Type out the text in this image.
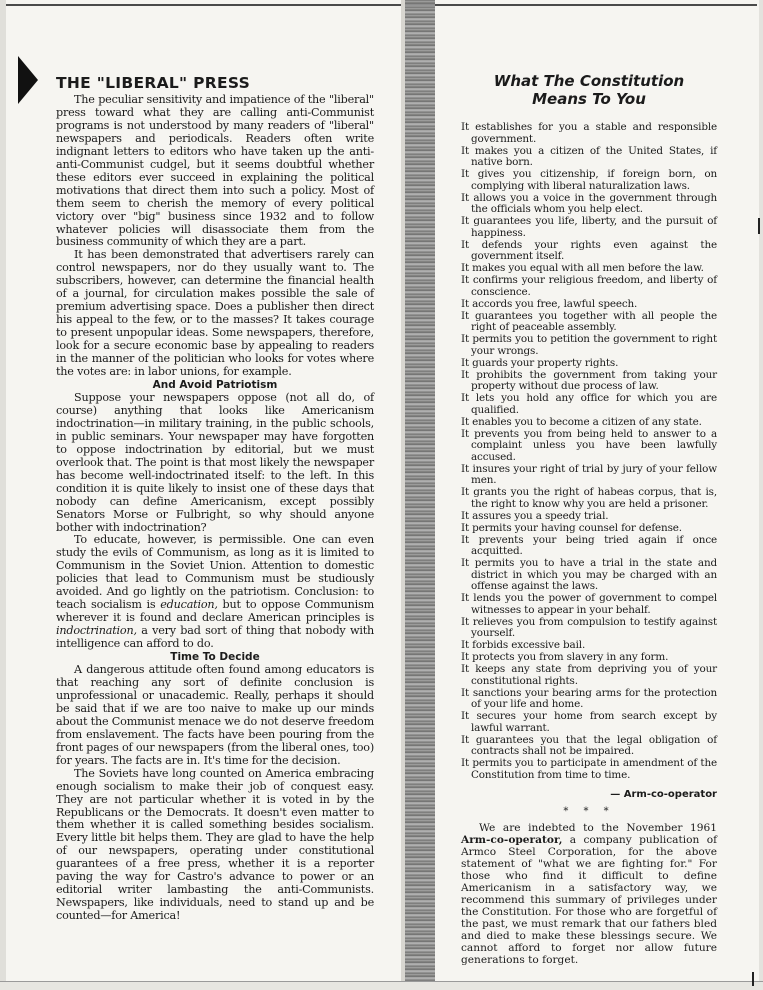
THE "LIBERAL" PRESS

The peculiar sensitivity and impatience of the "liberal" press toward what they are calling anti-Communist programs is not understood by many readers of "liberal" newspapers and periodicals. Readers often write indignant letters to editors who have taken up the anti-anti-Communist cudgel, but it seems doubtful whether these editors ever succeed in explaining the political motivations that direct them into such a policy. Most of them seem to cherish the memory of every political victory over "big" business since 1932 and to follow whatever policies will disassociate them from the business community of which they are a part.

It has been demonstrated that advertisers rarely can control newspapers, nor do they usually want to. The subscribers, however, can determine the financial health of a journal, for circulation makes possible the sale of premium advertising space. Does a publisher then direct his appeal to the few, or to the masses? It takes courage to present unpopular ideas. Some newspapers, therefore, look for a secure economic base by appealing to readers in the manner of the politician who looks for votes where the votes are: in labor unions, for example.

And Avoid Patriotism

Suppose your newspapers oppose (not all do, of course) anything that looks like Americanism indoctrination—in military training, in the public schools, in public seminars. Your newspaper may have forgotten to oppose indoctrination by editorial, but we must overlook that. The point is that most likely the newspaper has become well-indoctrinated itself: to the left. In this condition it is quite likely to insist one of these days that nobody can define Americanism, except possibly Senators Morse or Fulbright, so why should anyone bother with indoctrination?

To educate, however, is permissible. One can even study the evils of Communism, as long as it is limited to Communism in the Soviet Union. Attention to domestic policies that lead to Communism must be studiously avoided. And go lightly on the patriotism. Conclusion: to teach socialism is education, but to oppose Communism wherever it is found and declare American principles is indoctrination, a very bad sort of thing that nobody with intelligence can afford to do.

Time To Decide

A dangerous attitude often found among educators is that reaching any sort of definite conclusion is unprofessional or unacademic. Really, perhaps it should be said that if we are too naive to make up our minds about the Communist menace we do not deserve freedom from enslavement. The facts have been pouring from the front pages of our newspapers (from the liberal ones, too) for years. The facts are in. It's time for the decision.

The Soviets have long counted on America embracing enough socialism to make their job of conquest easy. They are not particular whether it is voted in by the Republicans or the Democrats. It doesn't even matter to them whether it is called something besides socialism. Every little bit helps them. They are glad to have the help of our newspapers, operating under constitutional guarantees of a free press, whether it is a reporter paving the way for Castro's advance to power or an editorial writer lambasting the anti-Communists. Newspapers, like individuals, need to stand up and be counted—for America!

What The Constitution
Means To You
It establishes for you a stable and responsible government.
It makes you a citizen of the United States, if native born.
It gives you citizenship, if foreign born, on complying with liberal naturalization laws.
It allows you a voice in the government through the officials whom you help elect.
It guarantees you life, liberty, and the pursuit of happiness.
It defends your rights even against the government itself.
It makes you equal with all men before the law.
It confirms your religious freedom, and liberty of conscience.
It accords you free, lawful speech.
It guarantees you together with all people the right of peaceable assembly.
It permits you to petition the government to right your wrongs.
It guards your property rights.
It prohibits the government from taking your property without due process of law.
It lets you hold any office for which you are qualified.
It enables you to become a citizen of any state.
It prevents you from being held to answer to a complaint unless you have been lawfully accused.
It insures your right of trial by jury of your fellow men.
It grants you the right of habeas corpus, that is, the right to know why you are held a prisoner.
It assures you a speedy trial.
It permits your having counsel for defense.
It prevents your being tried again if once acquitted.
It permits you to have a trial in the state and district in which you may be charged with an offense against the laws.
It lends you the power of government to compel witnesses to appear in your behalf.
It relieves you from compulsion to testify against yourself.
It forbids excessive bail.
It protects you from slavery in any form.
It keeps any state from depriving you of your constitutional rights.
It sanctions your bearing arms for the protection of your life and home.
It secures your home from search except by lawful warrant.
It guarantees you that the legal obligation of contracts shall not be impaired.
It permits you to participate in amendment of the Constitution from time to time.
— Arm-co-operator
* * *

We are indebted to the November 1961 Arm-co-operator, a company publication of Armco Steel Corporation, for the above statement of "what we are fighting for." For those who find it difficult to define Americanism in a satisfactory way, we recommend this summary of privileges under the Constitution. For those who are forgetful of the past, we must remark that our fathers bled and died to make these blessings secure. We cannot afford to forget nor allow future generations to forget.
